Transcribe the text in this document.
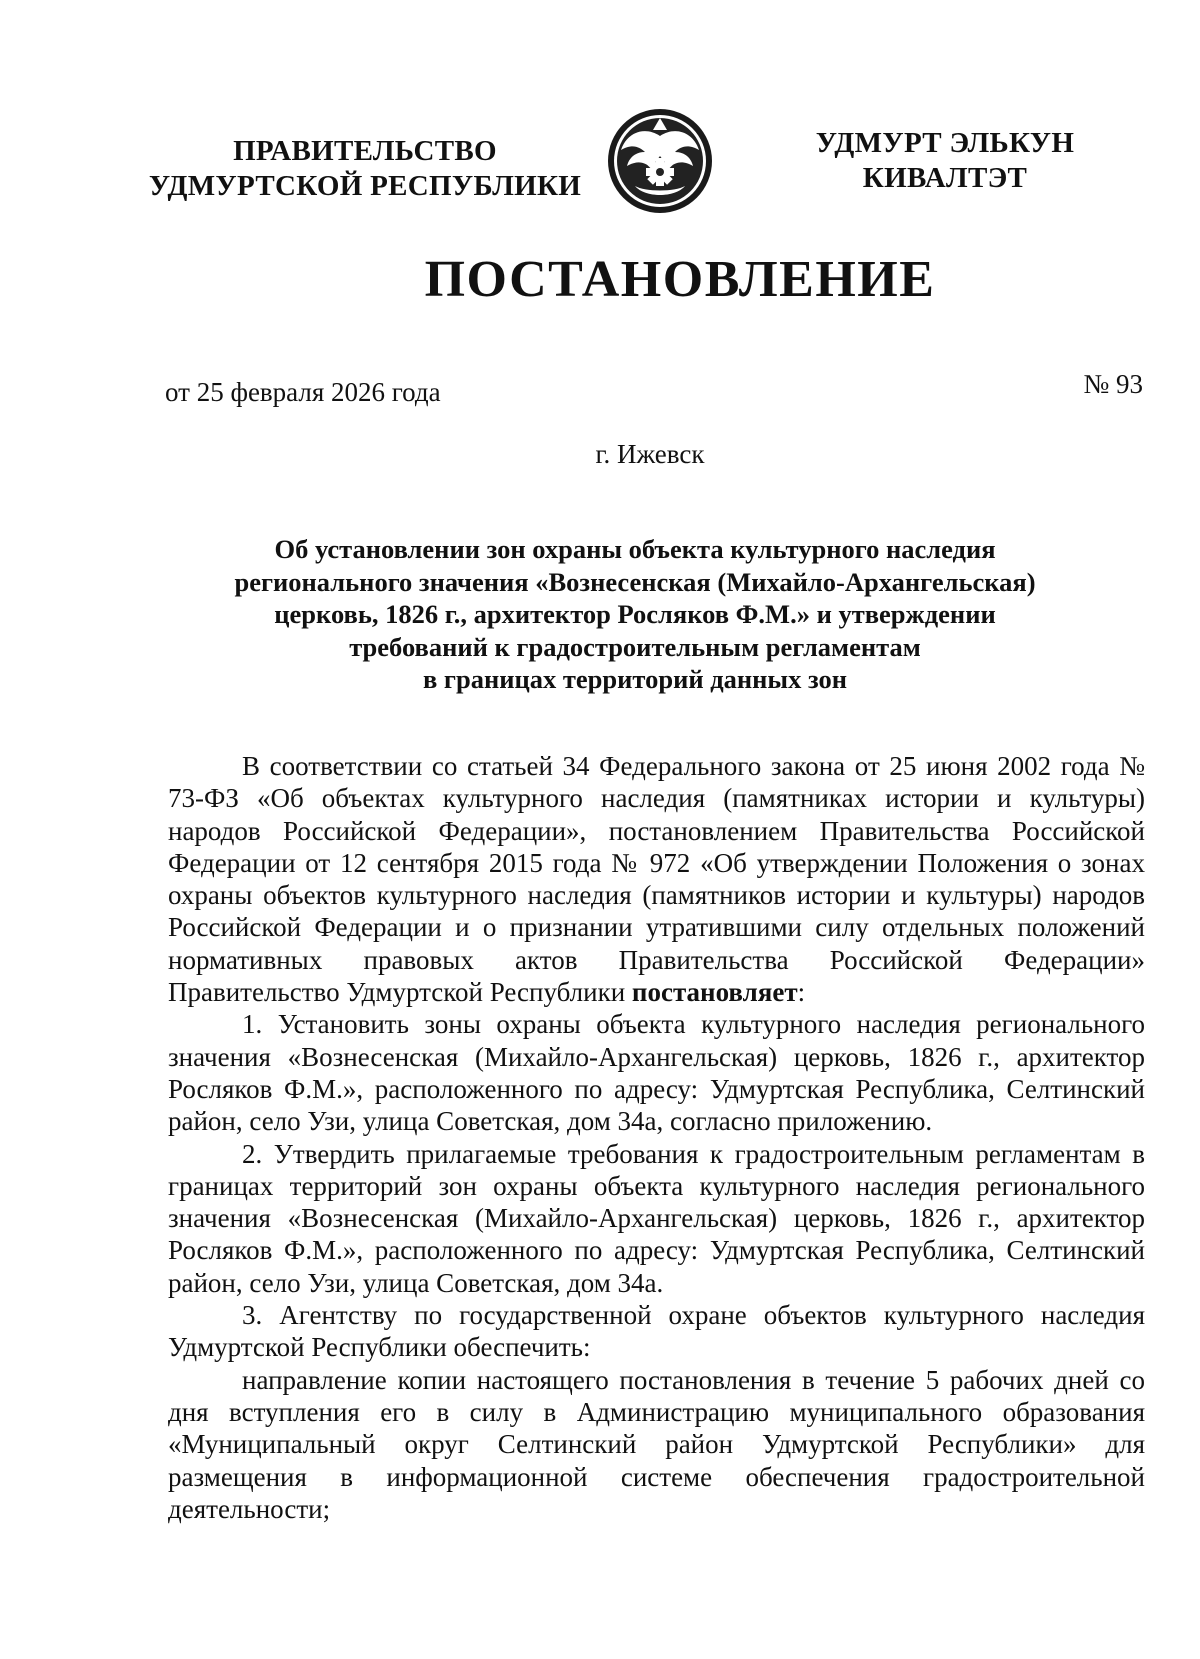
ПРАВИТЕЛЬСТВО
УДМУРТСКОЙ РЕСПУБЛИКИ
УДМУРТ ЭЛЬКУН
КИВАЛТЭТ
ПОСТАНОВЛЕНИЕ
от 25 февраля 2026 года	№ 93
г. Ижевск
Об установлении зон охраны объекта культурного наследия
регионального значения «Вознесенская (Михайло-Архангельская)
церковь, 1826 г., архитектор Росляков Ф.М.» и утверждении
требований к градостроительным регламентам
в границах территорий данных зон

В соответствии со статьей 34 Федерального закона от 25 июня 2002 года № 73-ФЗ «Об объектах культурного наследия (памятниках истории и культуры) народов Российской Федерации», постановлением Правительства Российской Федерации от 12 сентября 2015 года № 972 «Об утверждении Положения о зонах охраны объектов культурного наследия (памятников истории и культуры) народов Российской Федерации и о признании утратившими силу отдельных положений нормативных правовых актов Правительства Российской Федерации» Правительство Удмуртской Республики постановляет:

1. Установить зоны охраны объекта культурного наследия регионального значения «Вознесенская (Михайло-Архангельская) церковь, 1826 г., архитектор Росляков Ф.М.», расположенного по адресу: Удмуртская Республика, Селтинский район, село Узи, улица Советская, дом 34а, согласно приложению.

2. Утвердить прилагаемые требования к градостроительным регламентам в границах территорий зон охраны объекта культурного наследия регионального значения «Вознесенская (Михайло-Архангельская) церковь, 1826 г., архитектор Росляков Ф.М.», расположенного по адресу: Удмуртская Республика, Селтинский район, село Узи, улица Советская, дом 34а.

3. Агентству по государственной охране объектов культурного наследия Удмуртской Республики обеспечить:

направление копии настоящего постановления в течение 5 рабочих дней со дня вступления его в силу в Администрацию муниципального образования «Муниципальный округ Селтинский район Удмуртской Республики» для размещения в информационной системе обеспечения градостроительной деятельности;
